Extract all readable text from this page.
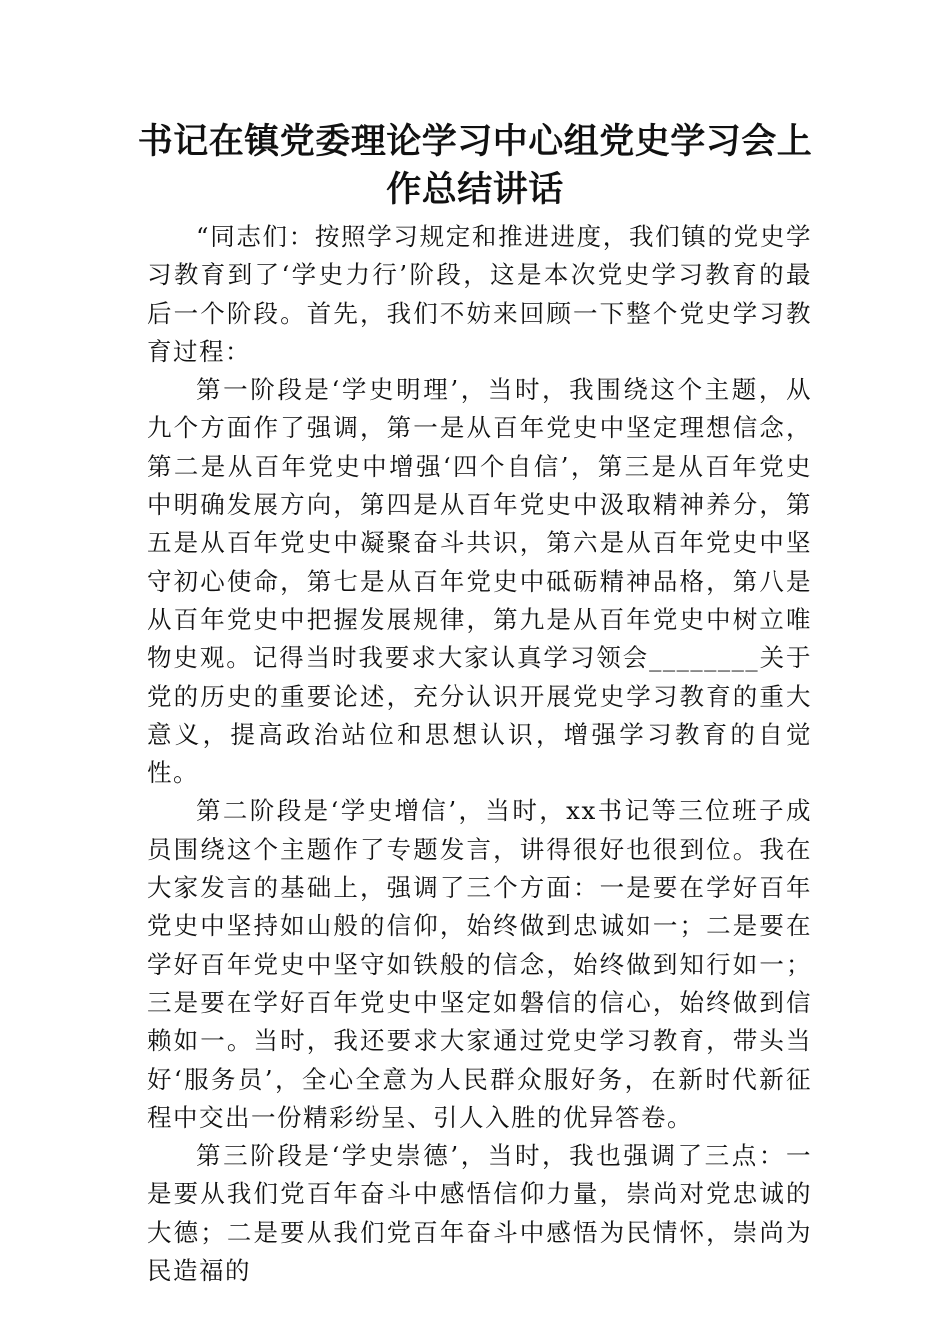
书记在镇党委理论学习中心组党史学习会上
作总结讲话

“同志们：按照学习规定和推进进度，我们镇的党史学习教育到了‘学史力行’阶段，这是本次党史学习教育的最后一个阶段。首先，我们不妨来回顾一下整个党史学习教育过程：

第一阶段是‘学史明理’，当时，我围绕这个主题，从九个方面作了强调，第一是从百年党史中坚定理想信念，第二是从百年党史中增强‘四个自信’，第三是从百年党史中明确发展方向，第四是从百年党史中汲取精神养分，第五是从百年党史中凝聚奋斗共识，第六是从百年党史中坚守初心使命，第七是从百年党史中砥砺精神品格，第八是从百年党史中把握发展规律，第九是从百年党史中树立唯物史观。记得当时我要求大家认真学习领会________关于党的历史的重要论述，充分认识开展党史学习教育的重大意义，提高政治站位和思想认识，增强学习教育的自觉性。

第二阶段是‘学史增信’，当时，xx书记等三位班子成员围绕这个主题作了专题发言，讲得很好也很到位。我在大家发言的基础上，强调了三个方面：一是要在学好百年党史中坚持如山般的信仰，始终做到忠诚如一；二是要在学好百年党史中坚守如铁般的信念，始终做到知行如一；三是要在学好百年党史中坚定如磐信的信心，始终做到信赖如一。当时，我还要求大家通过党史学习教育，带头当好‘服务员’，全心全意为人民群众服好务，在新时代新征程中交出一份精彩纷呈、引人入胜的优异答卷。

第三阶段是‘学史崇德’，当时，我也强调了三点：一是要从我们党百年奋斗中感悟信仰力量，崇尚对党忠诚的大德；二是要从我们党百年奋斗中感悟为民情怀，崇尚为民造福的
